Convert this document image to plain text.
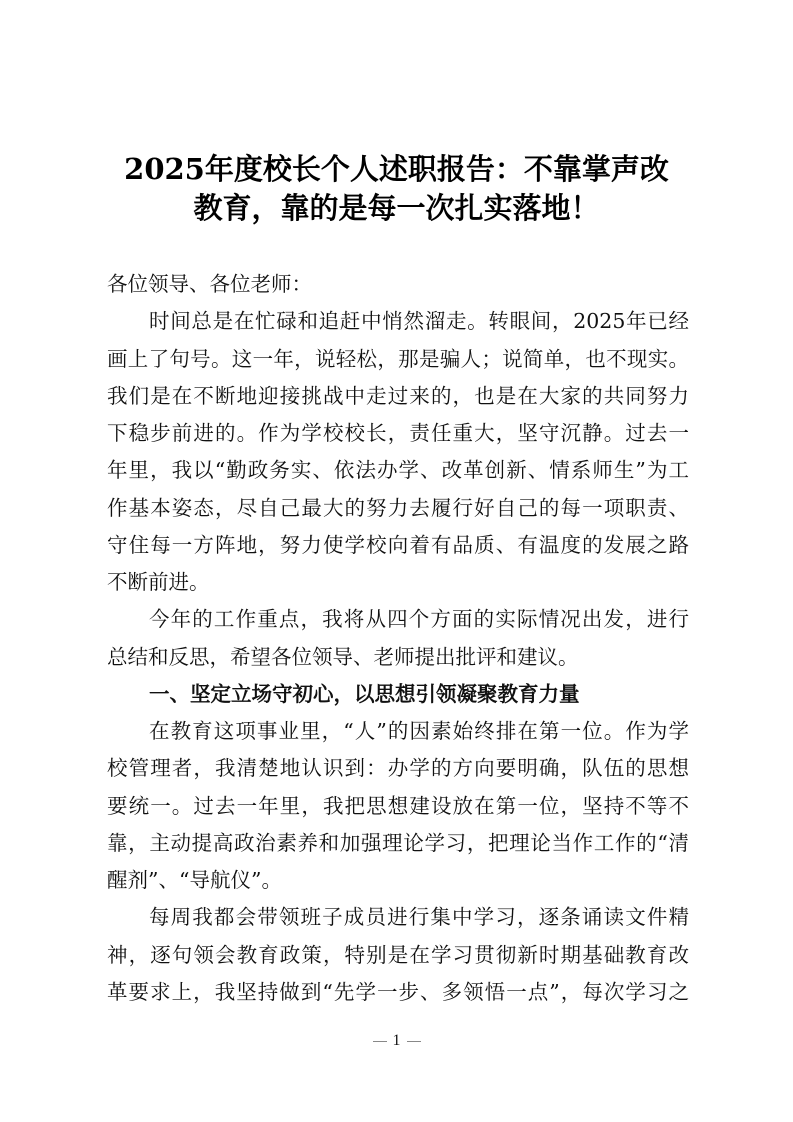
2025年度校长个人述职报告：不靠掌声改
教育，靠的是每一次扎实落地！
各位领导、各位老师：
时间总是在忙碌和追赶中悄然溜走。转眼间，2025年已经
画上了句号。这一年，说轻松，那是骗人；说简单，也不现实。
我们是在不断地迎接挑战中走过来的，也是在大家的共同努力
下稳步前进的。作为学校校长，责任重大，坚守沉静。过去一
年里，我以“勤政务实、依法办学、改革创新、情系师生”为工
作基本姿态，尽自己最大的努力去履行好自己的每一项职责、
守住每一方阵地，努力使学校向着有品质、有温度的发展之路
不断前进。
今年的工作重点，我将从四个方面的实际情况出发，进行
总结和反思，希望各位领导、老师提出批评和建议。
一、坚定立场守初心，以思想引领凝聚教育力量
在教育这项事业里，“人”的因素始终排在第一位。作为学
校管理者，我清楚地认识到：办学的方向要明确，队伍的思想
要统一。过去一年里，我把思想建设放在第一位，坚持不等不
靠，主动提高政治素养和加强理论学习，把理论当作工作的“清
醒剂”、“导航仪”。
每周我都会带领班子成员进行集中学习，逐条诵读文件精
神，逐句领会教育政策，特别是在学习贯彻新时期基础教育改
革要求上，我坚持做到“先学一步、多领悟一点”，每次学习之
1
